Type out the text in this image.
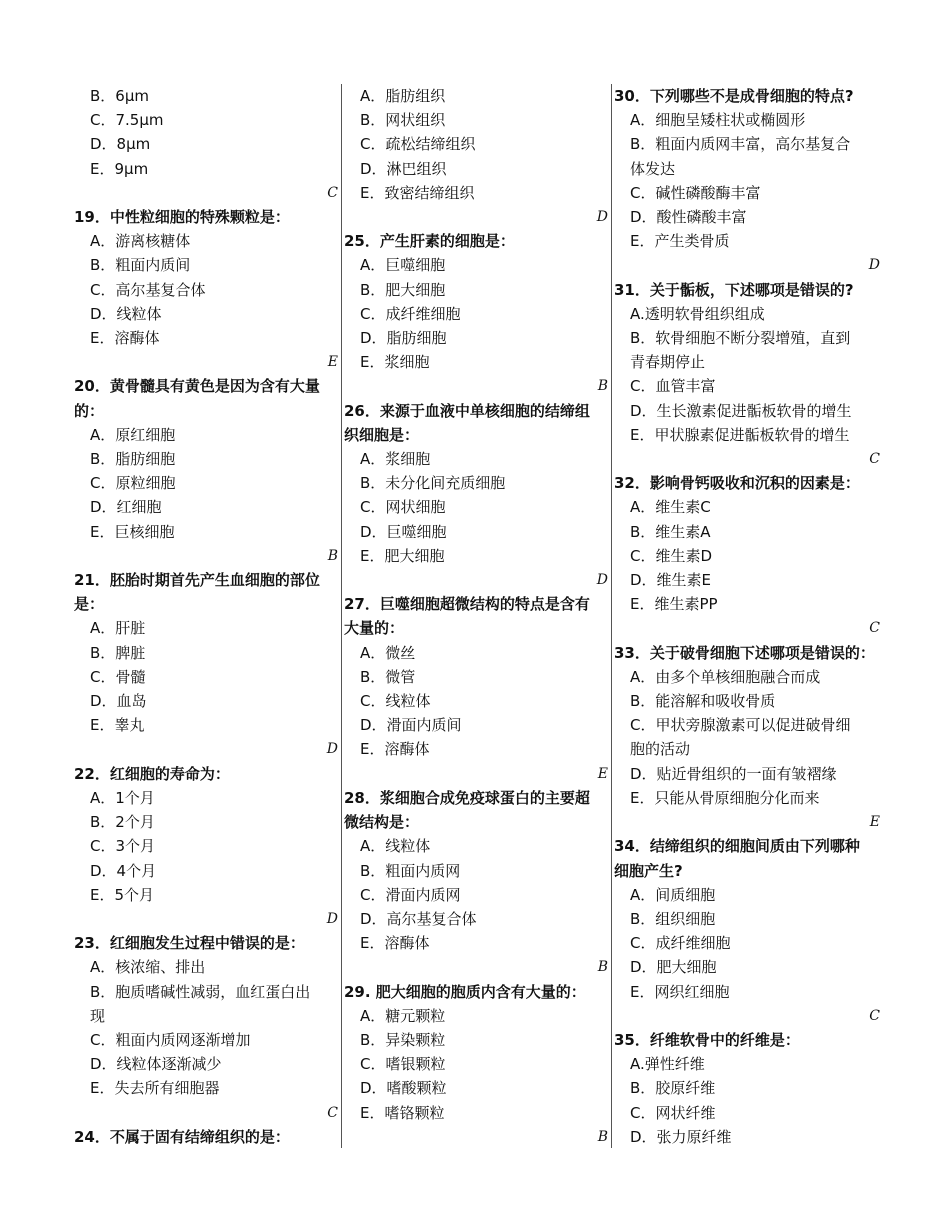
B．6μm
C．7.5μm
D．8μm
E．9μm
C
19．中性粒细胞的特殊颗粒是：
A．游离核糖体
B．粗面内质间
C．高尔基复合体
D．线粒体
E．溶酶体
E
20．黄骨髓具有黄色是因为含有大量
的：
A．原红细胞
B．脂肪细胞
C．原粒细胞
D．红细胞
E．巨核细胞
B
21．胚胎时期首先产生血细胞的部位
是：
A．肝脏
B．脾脏
C．骨髓
D．血岛
E．睾丸
D
22．红细胞的寿命为：
A．1个月
B．2个月
C．3个月
D．4个月
E．5个月
D
23．红细胞发生过程中错误的是：
A．核浓缩、排出
B．胞质嗜碱性减弱，血红蛋白出
现
C．粗面内质网逐渐增加
D．线粒体逐渐减少
E．失去所有细胞器
C
24．不属于固有结缔组织的是：
A．脂肪组织
B．网状组织
C．疏松结缔组织
D．淋巴组织
E．致密结缔组织
D
25．产生肝素的细胞是：
A．巨噬细胞
B．肥大细胞
C．成纤维细胞
D．脂肪细胞
E．浆细胞
B
26．来源于血液中单核细胞的结缔组
织细胞是：
A．浆细胞
B．未分化间充质细胞
C．网状细胞
D．巨噬细胞
E．肥大细胞
D
27．巨噬细胞超微结构的特点是含有
大量的：
A．微丝
B．微管
C．线粒体
D．滑面内质间
E．溶酶体
E
28．浆细胞合成免疫球蛋白的主要超
微结构是：
A．线粒体
B．粗面内质网
C．滑面内质网
D．高尔基复合体
E．溶酶体
B
29. 肥大细胞的胞质内含有大量的：
A．糖元颗粒
B．异染颗粒
C．嗜银颗粒
D．嗜酸颗粒
E．嗜铬颗粒
B
30．下列哪些不是成骨细胞的特点?
A．细胞呈矮柱状或椭圆形
B．粗面内质网丰富，高尔基复合
体发达
C．碱性磷酸酶丰富
D．酸性磷酸丰富
E．产生类骨质
D
31．关于骺板，下述哪项是错误的?
A.透明软骨组织组成
B．软骨细胞不断分裂增殖，直到
青春期停止
C．血管丰富
D．生长激素促进骺板软骨的增生
E．甲状腺素促进骺板软骨的增生
C
32．影响骨钙吸收和沉积的因素是：
A．维生素C
B．维生素A
C．维生素D
D．维生素E
E．维生素PP
C
33．关于破骨细胞下述哪项是错误的：
A．由多个单核细胞融合而成
B．能溶解和吸收骨质
C．甲状旁腺激素可以促进破骨细
胞的活动
D．贴近骨组织的一面有皱褶缘
E．只能从骨原细胞分化而来
E
34．结缔组织的细胞间质由下列哪种
细胞产生?
A．间质细胞
B．组织细胞
C．成纤维细胞
D．肥大细胞
E．网织红细胞
C
35．纤维软骨中的纤维是：
A.弹性纤维
B．胶原纤维
C．网状纤维
D．张力原纤维
